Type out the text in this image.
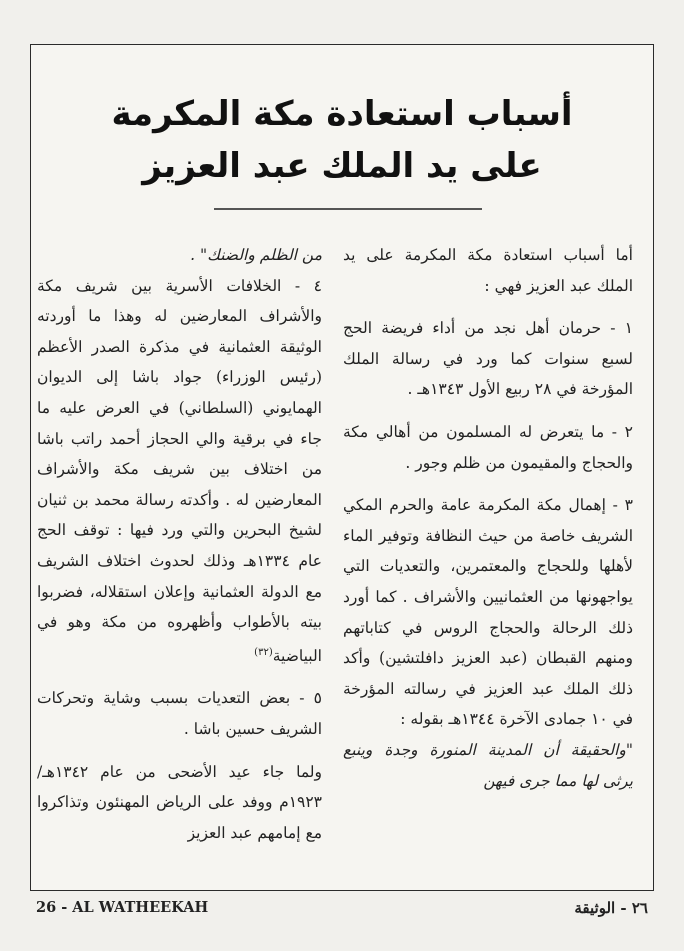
أسباب استعادة مكة المكرمة
على يد الملك عبد العزيز

أما أسباب استعادة مكة المكرمة على يد الملك عبد العزيز فهي :

١ - حرمان أهل نجد من أداء فريضة الحج لسبع سنوات كما ورد في رسالة الملك المؤرخة في ٢٨ ربيع الأول ١٣٤٣هـ .

٢ - ما يتعرض له المسلمون من أهالي مكة والحجاج والمقيمون من ظلم وجور .

٣ - إهمال مكة المكرمة عامة والحرم المكي الشريف خاصة من حيث النظافة وتوفير الماء لأهلها وللحجاج والمعتمرين، والتعديات التي يواجهونها من العثمانيين والأشراف . كما أورد ذلك الرحالة والحجاج الروس في كتاباتهم ومنهم القبطان (عبد العزيز دافلتشين) وأكد ذلك الملك عبد العزيز في رسالته المؤرخة في ١٠ جمادى الآخرة ١٣٤٤هـ بقوله :

"والحقيقة أن المدينة المنورة وجدة وينبع يرثى لها مما جرى فيهن

من الظلم والضنك" .

٤ - الخلافات الأسرية بين شريف مكة والأشراف المعارضين له وهذا ما أوردته الوثيقة العثمانية في مذكرة الصدر الأعظم (رئيس الوزراء) جواد باشا إلى الديوان الهمايوني (السلطاني) في العرض عليه ما جاء في برقية والي الحجاز أحمد راتب باشا من اختلاف بين شريف مكة والأشراف المعارضين له . وأكدته رسالة محمد بن ثنيان لشيخ البحرين والتي ورد فيها : توقف الحج عام ١٣٣٤هـ وذلك لحدوث اختلاف الشريف مع الدولة العثمانية وإعلان استقلاله، فضربوا بيته بالأطواب وأظهروه من مكة وهو في البياضية$^{(٣٢)}$

٥ - بعض التعديات بسبب وشاية وتحركات الشريف حسين باشا .

ولما جاء عيد الأضحى من عام ١٣٤٢هـ/١٩٢٣م ووفد على الرياض المهنئون وتذاكروا مع إمامهم عبد العزيز

26 - AL WATHEEKAH	٢٦ - الوثيقة
